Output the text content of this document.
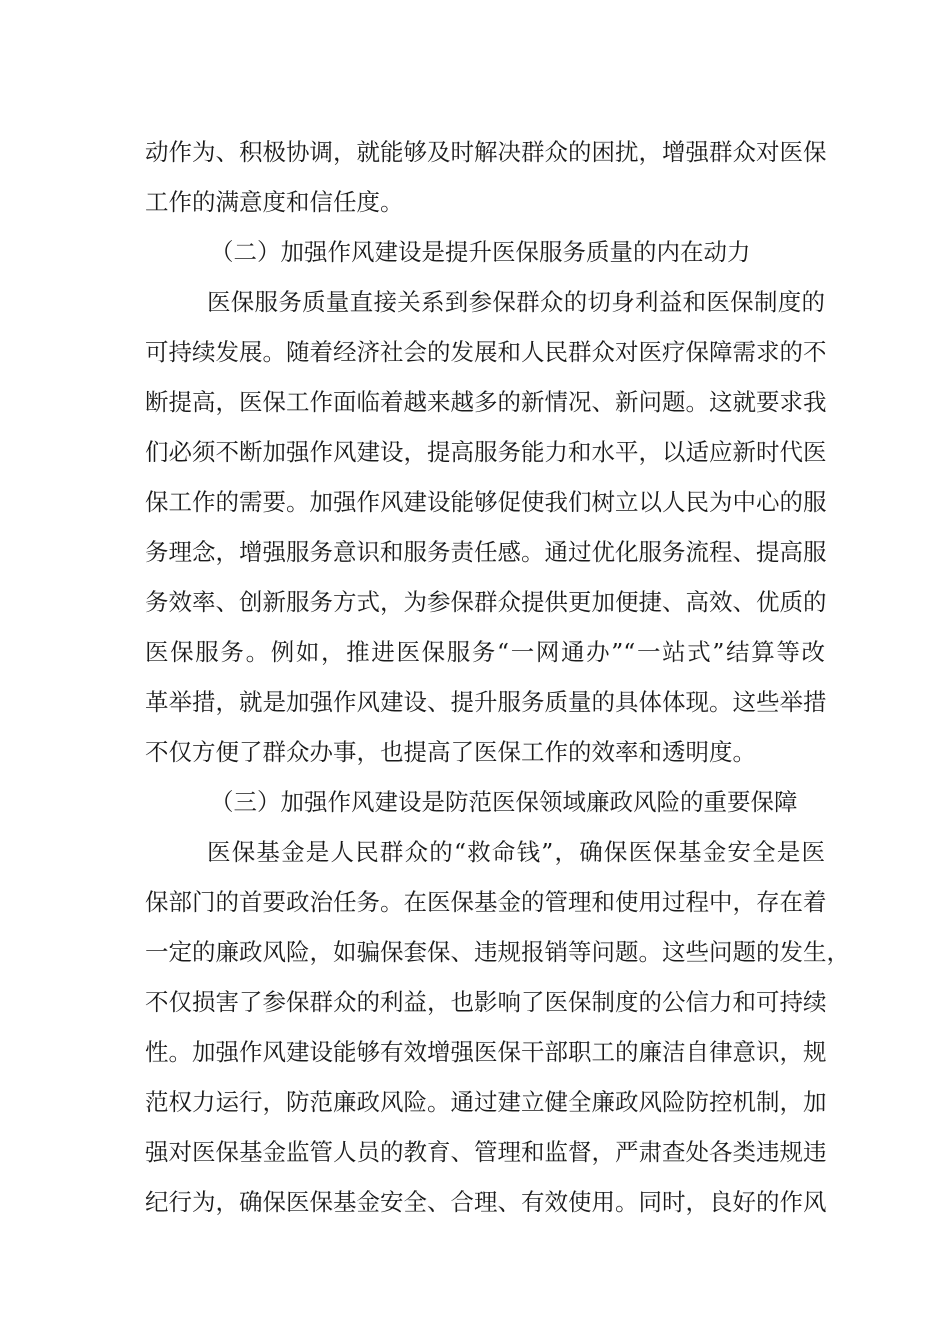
动作为、积极协调，就能够及时解决群众的困扰，增强群众对医保
工作的满意度和信任度。
（二）加强作风建设是提升医保服务质量的内在动力
医保服务质量直接关系到参保群众的切身利益和医保制度的
可持续发展。随着经济社会的发展和人民群众对医疗保障需求的不
断提高，医保工作面临着越来越多的新情况、新问题。这就要求我
们必须不断加强作风建设，提高服务能力和水平，以适应新时代医
保工作的需要。加强作风建设能够促使我们树立以人民为中心的服
务理念，增强服务意识和服务责任感。通过优化服务流程、提高服
务效率、创新服务方式，为参保群众提供更加便捷、高效、优质的
医保服务。例如，推进医保服务“一网通办”“一站式”结算等改
革举措，就是加强作风建设、提升服务质量的具体体现。这些举措
不仅方便了群众办事，也提高了医保工作的效率和透明度。
（三）加强作风建设是防范医保领域廉政风险的重要保障
医保基金是人民群众的“救命钱”，确保医保基金安全是医
保部门的首要政治任务。在医保基金的管理和使用过程中，存在着
一定的廉政风险，如骗保套保、违规报销等问题。这些问题的发生，
不仅损害了参保群众的利益，也影响了医保制度的公信力和可持续
性。加强作风建设能够有效增强医保干部职工的廉洁自律意识，规
范权力运行，防范廉政风险。通过建立健全廉政风险防控机制，加
强对医保基金监管人员的教育、管理和监督，严肃查处各类违规违
纪行为，确保医保基金安全、合理、有效使用。同时，良好的作风
